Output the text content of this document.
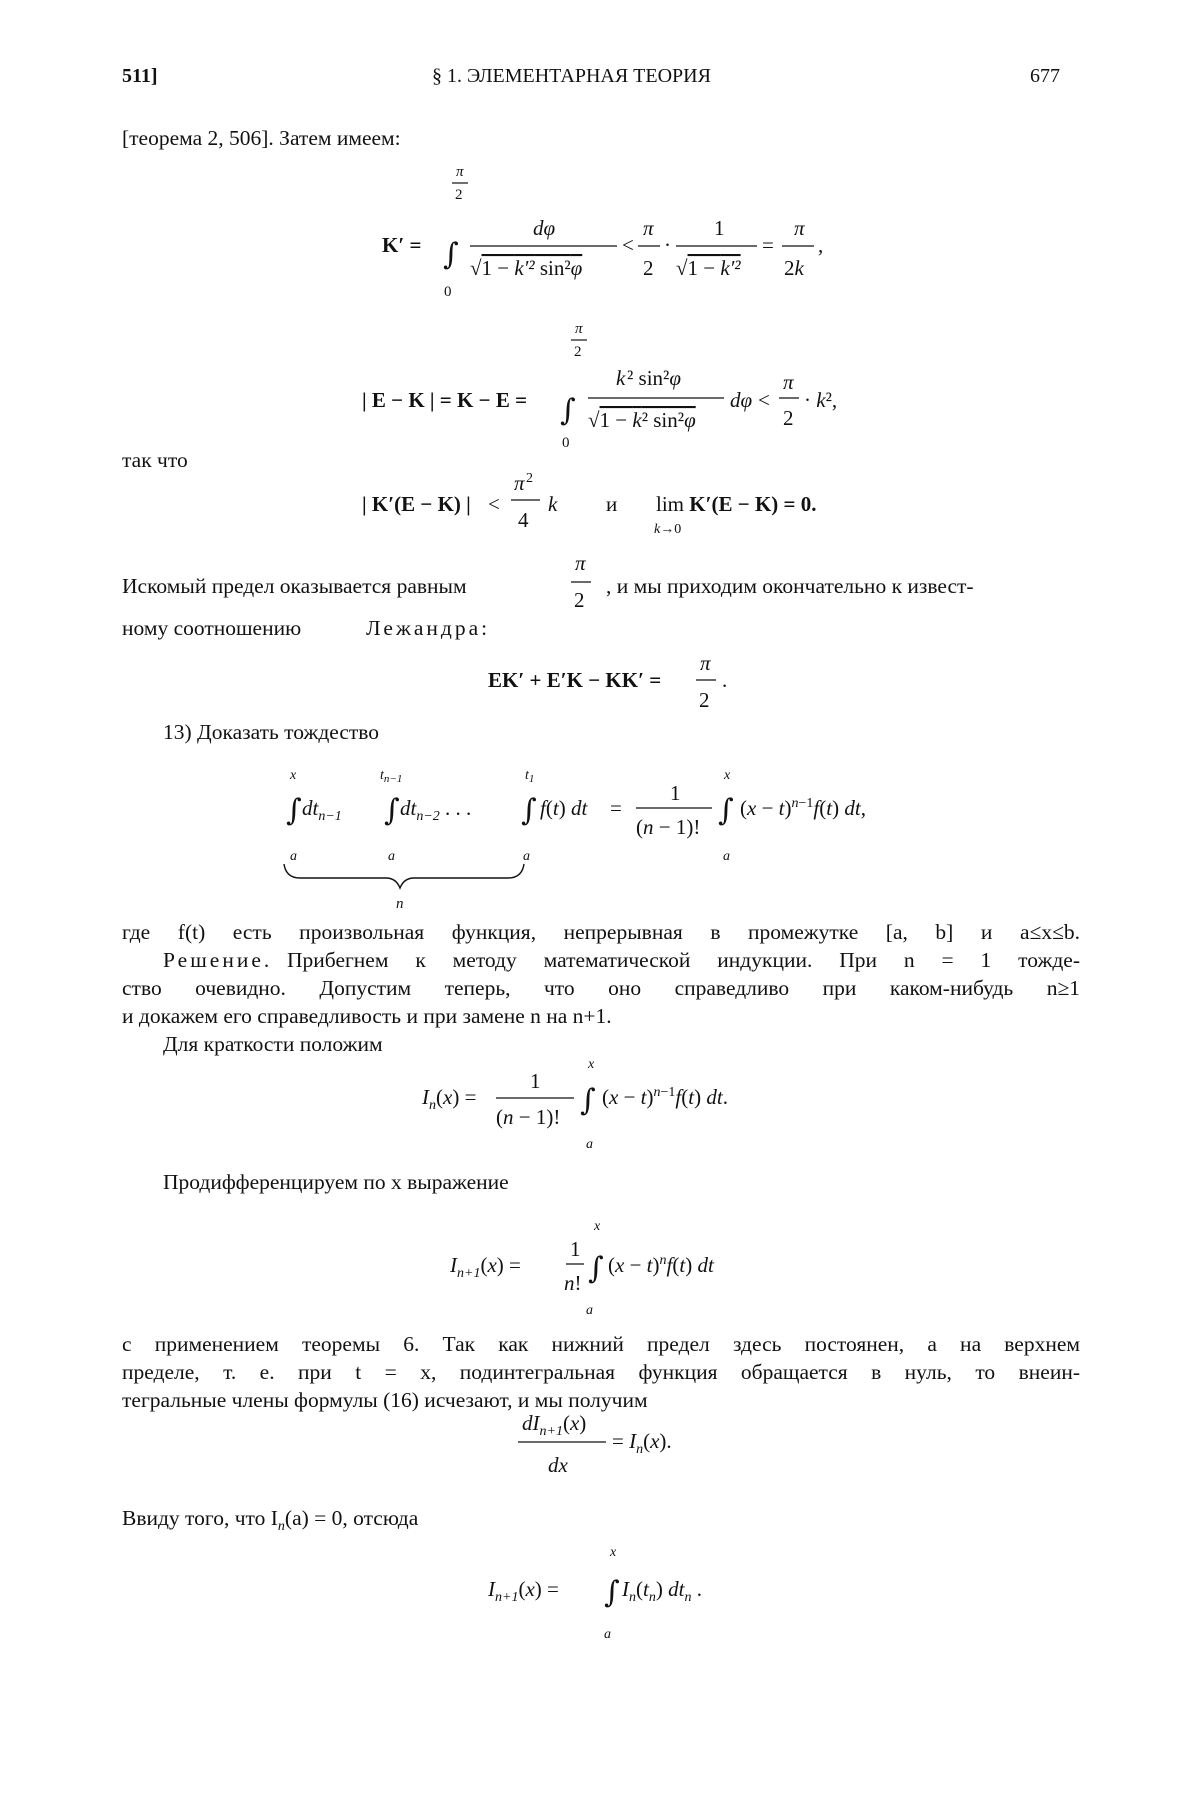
511]	§ 1. ЭЛЕМЕНТАРНАЯ ТЕОРИЯ	677
[теорема 2, 506]. Затем имеем:
так что
Искомый предел оказывается равным	, и мы приходим окончательно к извест-
ному соотношению	Лежандра:
13) Доказать тождество
где f(t) есть произвольная функция, непрерывная в промежутке [a, b] и a≤x≤b.
Решение. Прибегнем к методу математической индукции. При n = 1 тожде-
ство очевидно. Допустим теперь, что оно справедливо при каком-нибудь n≥1
и докажем его справедливость и при замене n на n+1.
Для краткости положим
Продифференцируем по x выражение
с применением теоремы 6. Так как нижний предел здесь постоянен, а на верхнем
пределе, т. е. при t = x, подинтегральная функция обращается в нуль, то внеин-
тегральные члены формулы (16) исчезают, и мы получим
Ввиду того, что In(a) = 0, отсюда
K′ = ∫
π
2
0
dφ
√1 − k′² sin²φ
<
π
2
·
1
√1 − k′²
=
π
2k
,
| E − K | = K − E = ∫
π
2
0
k ² sin²φ
√1 − k² sin²φ
dφ <
π
2
· k²,
| K′(E − K) | <
π 2
4
k и lim K′(E − K) = 0.
k→0
π
2
EK′ + E′K − KK′ =
π
2
.
∫
x
a
dtn−1 ∫
tn−1
a
dtn−2 . . . ∫
t1
a
f(t) dt =
1
(n − 1)! ∫
x
a
(x − t)n−1f(t) dt,
n
In(x) =
1
(n − 1)! ∫
x
a
(x − t)n−1f(t) dt.
In+1(x) =
1
n! ∫
x
a
(x − t)nf(t) dt
dIn+1(x)
dx
= In(x).
In+1(x) = ∫
x
a
In(tn) dtn .
